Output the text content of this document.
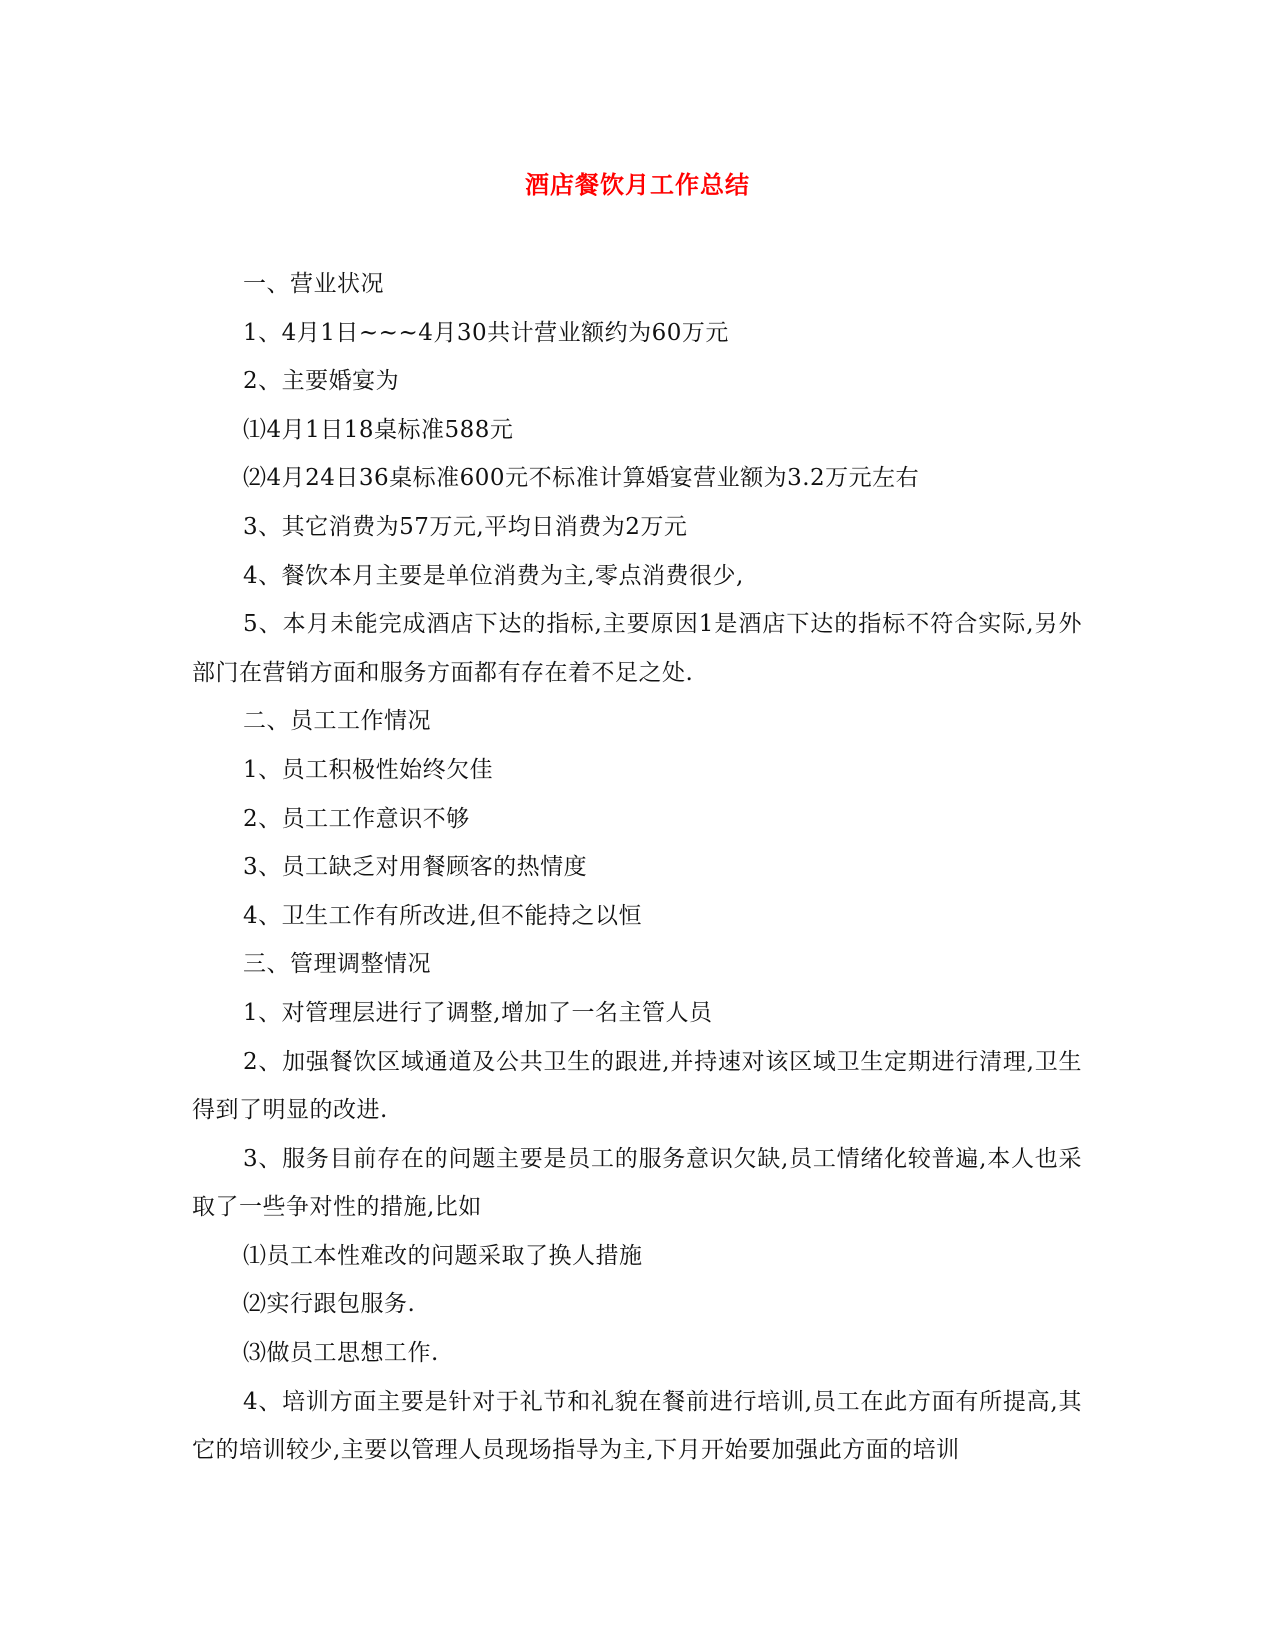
酒店餐饮月工作总结

一、营业状况

1、4月1日~~~4月30共计营业额约为60万元

2、主要婚宴为

⑴4月1日18桌标准588元

⑵4月24日36桌标准600元不标准计算婚宴营业额为3.2万元左右

3、其它消费为57万元,平均日消费为2万元

4、餐饮本月主要是单位消费为主,零点消费很少,

5、本月未能完成酒店下达的指标,主要原因1是酒店下达的指标不符合实际,另外部门在营销方面和服务方面都有存在着不足之处.

二、员工工作情况

1、员工积极性始终欠佳

2、员工工作意识不够

3、员工缺乏对用餐顾客的热情度

4、卫生工作有所改进,但不能持之以恒

三、管理调整情况

1、对管理层进行了调整,增加了一名主管人员

2、加强餐饮区域通道及公共卫生的跟进,并持速对该区域卫生定期进行清理,卫生得到了明显的改进.

3、服务目前存在的问题主要是员工的服务意识欠缺,员工情绪化较普遍,本人也采取了一些争对性的措施,比如

⑴员工本性难改的问题采取了换人措施

⑵实行跟包服务.

⑶做员工思想工作.

4、培训方面主要是针对于礼节和礼貌在餐前进行培训,员工在此方面有所提高,其它的培训较少,主要以管理人员现场指导为主,下月开始要加强此方面的培训
